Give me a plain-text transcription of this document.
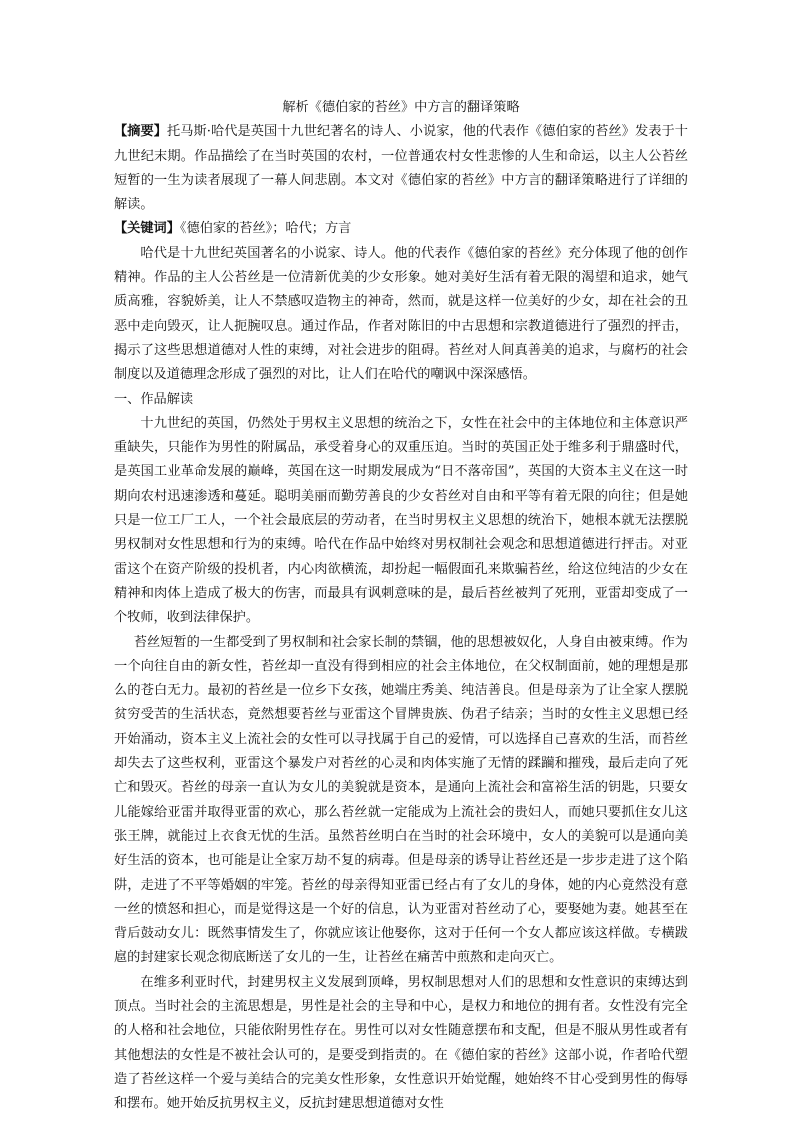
解析《德伯家的苔丝》中方言的翻译策略

【摘要】托马斯·哈代是英国十九世纪著名的诗人、小说家，他的代表作《德伯家的苔丝》发表于十九世纪末期。作品描绘了在当时英国的农村，一位普通农村女性悲惨的人生和命运，以主人公苔丝短暂的一生为读者展现了一幕人间悲剧。本文对《德伯家的苔丝》中方言的翻译策略进行了详细的解读。

【关键词】《德伯家的苔丝》；哈代；方言

哈代是十九世纪英国著名的小说家、诗人。他的代表作《德伯家的苔丝》充分体现了他的创作精神。作品的主人公苔丝是一位清新优美的少女形象。她对美好生活有着无限的渴望和追求，她气质高雅，容貌娇美，让人不禁感叹造物主的神奇，然而，就是这样一位美好的少女，却在社会的丑恶中走向毁灭，让人扼腕叹息。通过作品，作者对陈旧的中古思想和宗教道德进行了强烈的抨击，揭示了这些思想道德对人性的束缚，对社会进步的阻碍。苔丝对人间真善美的追求，与腐朽的社会制度以及道德理念形成了强烈的对比，让人们在哈代的嘲讽中深深感悟。

一、作品解读

十九世纪的英国，仍然处于男权主义思想的统治之下，女性在社会中的主体地位和主体意识严重缺失，只能作为男性的附属品，承受着身心的双重压迫。当时的英国正处于维多利于鼎盛时代，是英国工业革命发展的巅峰，英国在这一时期发展成为“日不落帝国”，英国的大资本主义在这一时期向农村迅速渗透和蔓延。聪明美丽而勤劳善良的少女苔丝对自由和平等有着无限的向往；但是她只是一位工厂工人，一个社会最底层的劳动者，在当时男权主义思想的统治下，她根本就无法摆脱男权制对女性思想和行为的束缚。哈代在作品中始终对男权制社会观念和思想道德进行抨击。对亚雷这个在资产阶级的投机者，内心肉欲横流，却扮起一幅假面孔来欺骗苔丝，给这位纯洁的少女在精神和肉体上造成了极大的伤害，而最具有讽刺意味的是，最后苔丝被判了死刑，亚雷却变成了一个牧师，收到法律保护。

苔丝短暂的一生都受到了男权制和社会家长制的禁锢，他的思想被奴化，人身自由被束缚。作为一个向往自由的新女性，苔丝却一直没有得到相应的社会主体地位，在父权制面前，她的理想是那么的苍白无力。最初的苔丝是一位乡下女孩，她端庄秀美、纯洁善良。但是母亲为了让全家人摆脱贫穷受苦的生活状态，竟然想要苔丝与亚雷这个冒牌贵族、伪君子结亲；当时的女性主义思想已经开始涌动，资本主义上流社会的女性可以寻找属于自己的爱情，可以选择自己喜欢的生活，而苔丝却失去了这些权利，亚雷这个暴发户对苔丝的心灵和肉体实施了无情的蹂躏和摧残，最后走向了死亡和毁灭。苔丝的母亲一直认为女儿的美貌就是资本，是通向上流社会和富裕生活的钥匙，只要女儿能嫁给亚雷并取得亚雷的欢心，那么苔丝就一定能成为上流社会的贵妇人，而她只要抓住女儿这张王牌，就能过上衣食无忧的生活。虽然苔丝明白在当时的社会环境中，女人的美貌可以是通向美好生活的资本，也可能是让全家万劫不复的病毒。但是母亲的诱导让苔丝还是一步步走进了这个陷阱，走进了不平等婚姻的牢笼。苔丝的母亲得知亚雷已经占有了女儿的身体，她的内心竟然没有意一丝的愤怒和担心，而是觉得这是一个好的信息，认为亚雷对苔丝动了心，要娶她为妻。她甚至在背后鼓动女儿：既然事情发生了，你就应该让他娶你，这对于任何一个女人都应该这样做。专横跋扈的封建家长观念彻底断送了女儿的一生，让苔丝在痛苦中煎熬和走向灭亡。

在维多利亚时代，封建男权主义发展到顶峰，男权制思想对人们的思想和女性意识的束缚达到顶点。当时社会的主流思想是，男性是社会的主导和中心，是权力和地位的拥有者。女性没有完全的人格和社会地位，只能依附男性存在。男性可以对女性随意摆布和支配，但是不服从男性或者有其他想法的女性是不被社会认可的，是要受到指责的。在《德伯家的苔丝》这部小说，作者哈代塑造了苔丝这样一个爱与美结合的完美女性形象，女性意识开始觉醒，她始终不甘心受到男性的侮辱和摆布。她开始反抗男权主义，反抗封建思想道德对女性
